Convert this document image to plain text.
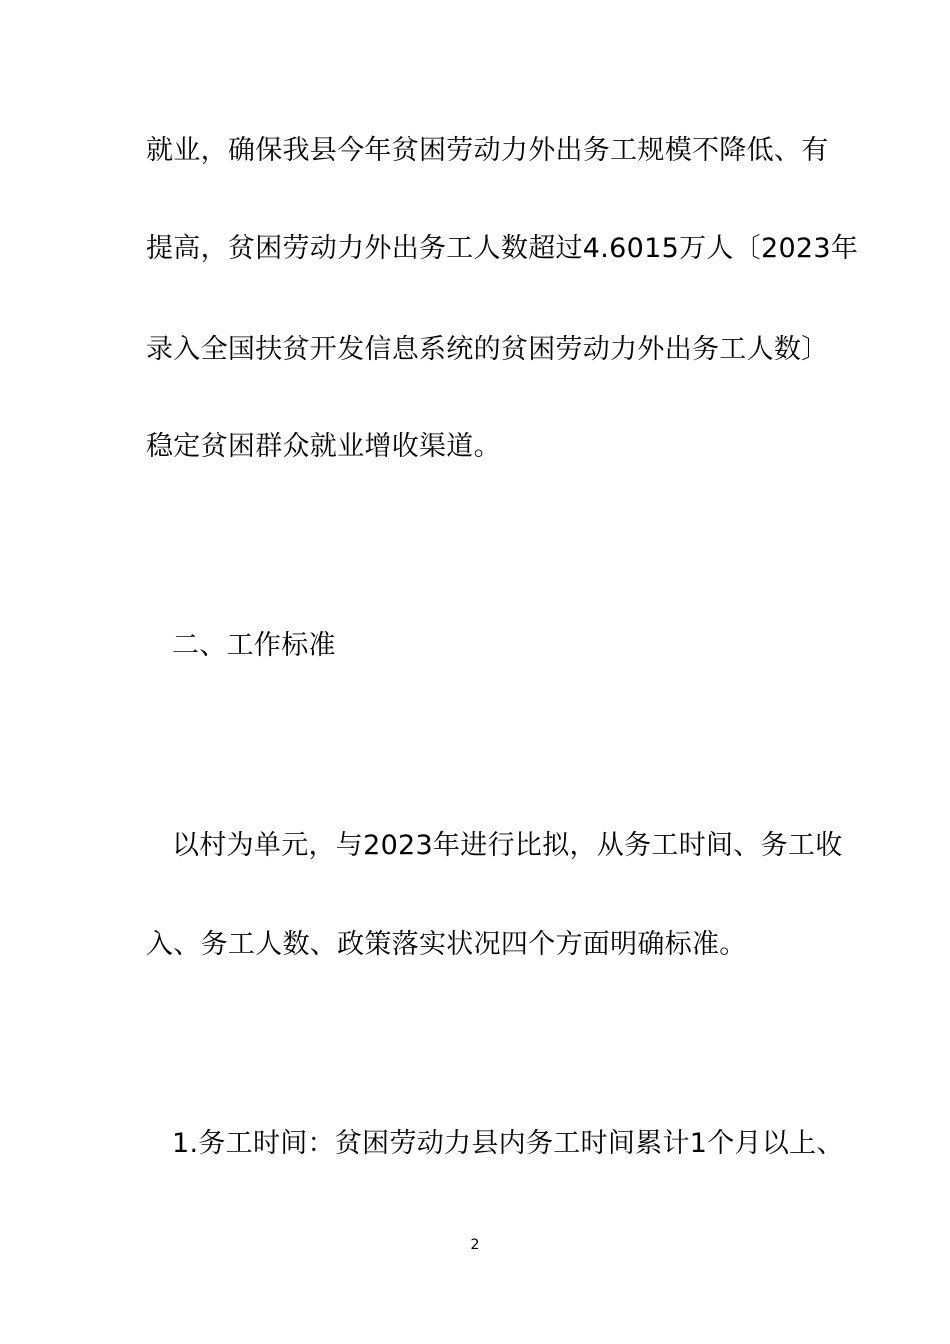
就业，确保我县今年贫困劳动力外出务工规模不降低、有
提高，贫困劳动力外出务工人数超过4.6015万人〔2023年
录入全国扶贫开发信息系统的贫困劳动力外出务工人数〕
稳定贫困群众就业增收渠道。
二、工作标准
以村为单元，与2023年进行比拟，从务工时间、务工收
入、务工人数、政策落实状况四个方面明确标准。
1.务工时间：贫困劳动力县内务工时间累计1个月以上、
2
